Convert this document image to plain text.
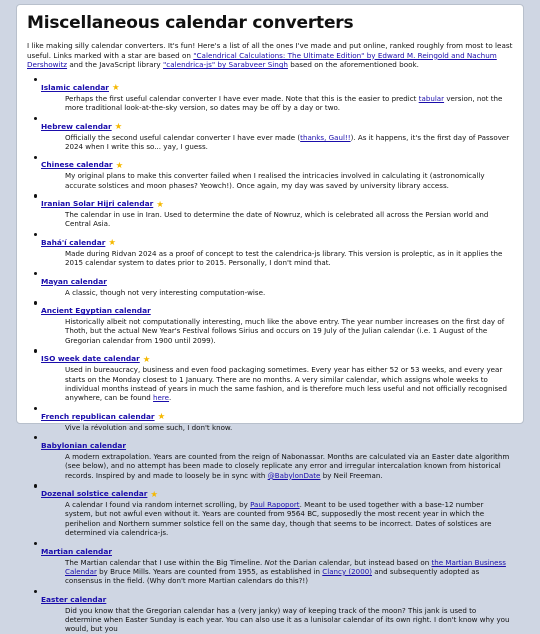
Miscellaneous calendar converters

I like making silly calendar converters. It's fun! Here's a list of all the ones I've made and put online, ranked roughly from most to least useful. Links marked with a star are based on "Calendrical Calculations: The Ultimate Edition" by Edward M. Reingold and Nachum Dershowitz and the JavaScript library "calendrica-js" by Sarabveer Singh based on the aforementioned book.

Islamic calendar ★
Perhaps the first useful calendar converter I have ever made. Note that this is the easier to predict tabular version, not the more traditional look-at-the-sky version, so dates may be off by a day or two.
Hebrew calendar ★
Officially the second useful calendar converter I have ever made (thanks, Gaul!!). As it happens, it's the first day of Passover 2024 when I write this so... yay, I guess.
Chinese calendar ★
My original plans to make this converter failed when I realised the intricacies involved in calculating it (astronomically accurate solstices and moon phases? Yeowch!). Once again, my day was saved by university library access.
Iranian Solar Hijri calendar ★
The calendar in use in Iran. Used to determine the date of Nowruz, which is celebrated all across the Persian world and Central Asia.
Bahá'í calendar ★
Made during Ridvan 2024 as a proof of concept to test the calendrica-js library. This version is proleptic, as in it applies the 2015 calendar system to dates prior to 2015. Personally, I don't mind that.
Mayan calendar
A classic, though not very interesting computation-wise.
Ancient Egyptian calendar
Historically albeit not computationally interesting, much like the above entry. The year number increases on the first day of Thoth, but the actual New Year's Festival follows Sirius and occurs on 19 July of the Julian calendar (i.e. 1 August of the Gregorian calendar from 1900 until 2099).
ISO week date calendar ★
Used in bureaucracy, business and even food packaging sometimes. Every year has either 52 or 53 weeks, and every year starts on the Monday closest to 1 January. There are no months. A very similar calendar, which assigns whole weeks to individual months instead of years in much the same fashion, and is therefore much less useful and not officially recognised anywhere, can be found here.
French republican calendar ★
Vive la révolution and some such, I don't know.
Babylonian calendar
A modern extrapolation. Years are counted from the reign of Nabonassar. Months are calculated via an Easter date algorithm (see below), and no attempt has been made to closely replicate any error and irregular intercalation known from historical records. Inspired by and made to loosely be in sync with @BabylonDate by Neil Freeman.
Dozenal solstice calendar ★
A calendar I found via random internet scrolling, by Paul Rapoport. Meant to be used together with a base-12 number system, but not awful even without it. Years are counted from 9564 BC, supposedly the most recent year in which the perihelion and Northern summer solstice fell on the same day, though that seems to be incorrect. Dates of solstices are determined via calendrica-js.
Martian calendar
The Martian calendar that I use within the Big Timeline. Not the Darian calendar, but instead based on the Martian Business Calendar by Bruce Mills. Years are counted from 1955, as established in Clancy (2000) and subsequently adopted as consensus in the field. (Why don't more Martian calendars do this?!)
Easter calendar
Did you know that the Gregorian calendar has a (very janky) way of keeping track of the moon? This jank is used to determine when Easter Sunday is each year. You can also use it as a lunisolar calendar of its own right. I don't know why you would, but you
